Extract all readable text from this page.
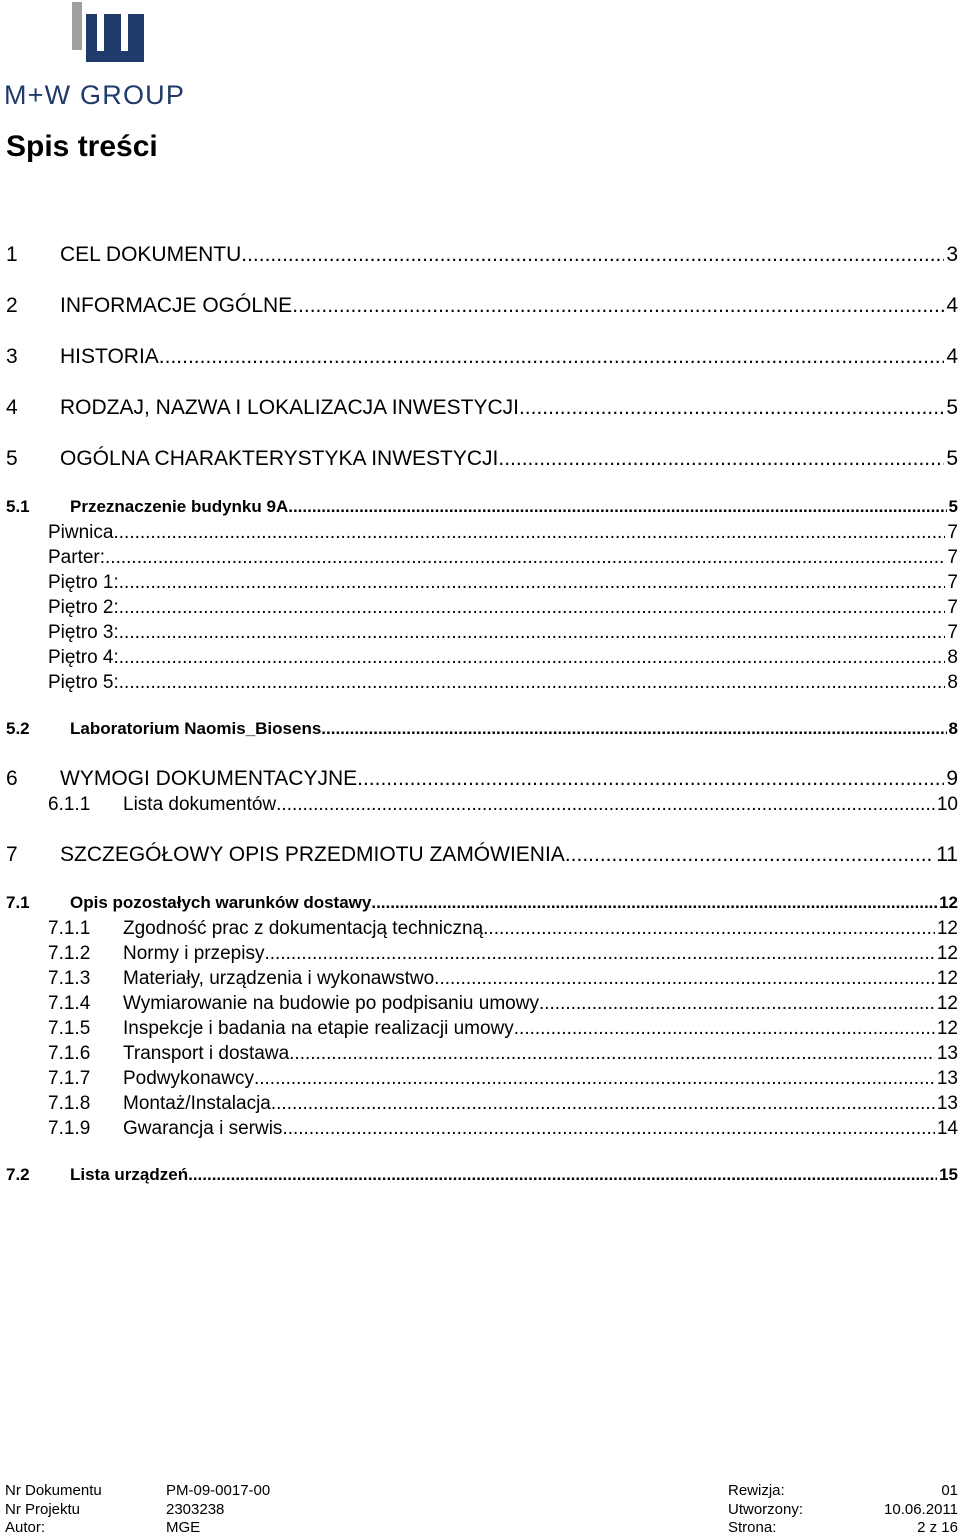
M+W GROUP
Spis treści
1	CEL DOKUMENTU .....	3
2	INFORMACJE OGÓLNE .....	4
3	HISTORIA .....	4
4	RODZAJ, NAZWA I LOKALIZACJA INWESTYCJI .....	5
5	OGÓLNA CHARAKTERYSTYKA INWESTYCJI .....	5
5.1	Przeznaczenie budynku 9A .....	5
Piwnica .....	7
Parter: .....	7
Piętro 1: .....	7
Piętro 2: .....	7
Piętro 3: .....	7
Piętro 4: .....	8
Piętro 5: .....	8
5.2	Laboratorium Naomis_Biosens .....	8
6	WYMOGI DOKUMENTACYJNE .....	9
6.1.1	Lista dokumentów .....	10
7	SZCZEGÓŁOWY OPIS PRZEDMIOTU ZAMÓWIENIA .....	11
7.1	Opis pozostałych warunków dostawy .....	12
7.1.1	Zgodność prac z dokumentacją techniczną .....	12
7.1.2	Normy i przepisy .....	12
7.1.3	Materiały, urządzenia i wykonawstwo .....	12
7.1.4	Wymiarowanie na budowie po podpisaniu umowy .....	12
7.1.5	Inspekcje i badania na etapie realizacji umowy .....	12
7.1.6	Transport i dostawa .....	13
7.1.7	Podwykonawcy .....	13
7.1.8	Montaż/Instalacja .....	13
7.1.9	Gwarancja i serwis .....	14
7.2	Lista urządzeń .....	15
Nr Dokumentu	PM-09-0017-00	Rewizja:	01
Nr Projektu	2303238	Utworzony:	10.06.2011
Autor:	MGE	Strona:	2 z 16
